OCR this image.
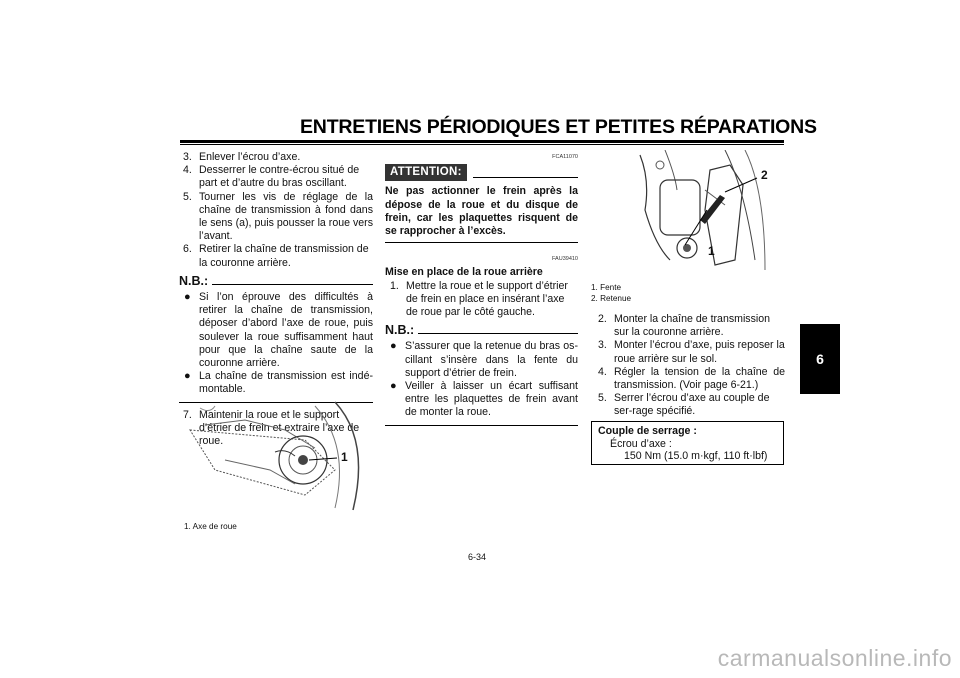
ENTRETIENS PÉRIODIQUES ET PETITES RÉPARATIONS
6

3. Enlever l’écrou d’axe.

4. Desserrer le contre-écrou situé de part et d’autre du bras oscillant.

5. Tourner les vis de réglage de la chaîne de transmission à fond dans le sens (a), puis pousser la roue vers l’avant.

6. Retirer la chaîne de transmission de la couronne arrière.

N.B.:
● Si l’on éprouve des difficultés à retirer la chaîne de transmission, déposer d’abord l’axe de roue, puis soulever la roue suffisamment haut pour que la chaîne saute de la couronne arrière.
● La chaîne de transmission est indé-montable.

7. Maintenir la roue et le support d’étrier de frein et extraire l’axe de roue.

1
1. Axe de roue
FCA11070
ATTENTION:
Ne pas actionner le frein après la dépose de la roue et du disque de frein, car les plaquettes risquent de se rapprocher à l’excès.
FAU39410
Mise en place de la roue arrière

1. Mettre la roue et le support d’étrier de frein en place en insérant l’axe de roue par le côté gauche.

N.B.:
● S’assurer que la retenue du bras os-cillant s’insère dans la fente du support d’étrier de frein.
● Veiller à laisser un écart suffisant entre les plaquettes de frein avant de monter la roue.
1
2
1. Fente
2. Retenue

2. Monter la chaîne de transmission sur la couronne arrière.

3. Monter l’écrou d’axe, puis reposer la roue arrière sur le sol.

4. Régler la tension de la chaîne de transmission. (Voir page 6-21.)

5. Serrer l’écrou d’axe au couple de ser-rage spécifié.

Couple de serrage :
Écrou d’axe :
150 Nm (15.0 m·kgf, 110 ft·lbf)
6-34
carmanualsonline.info
